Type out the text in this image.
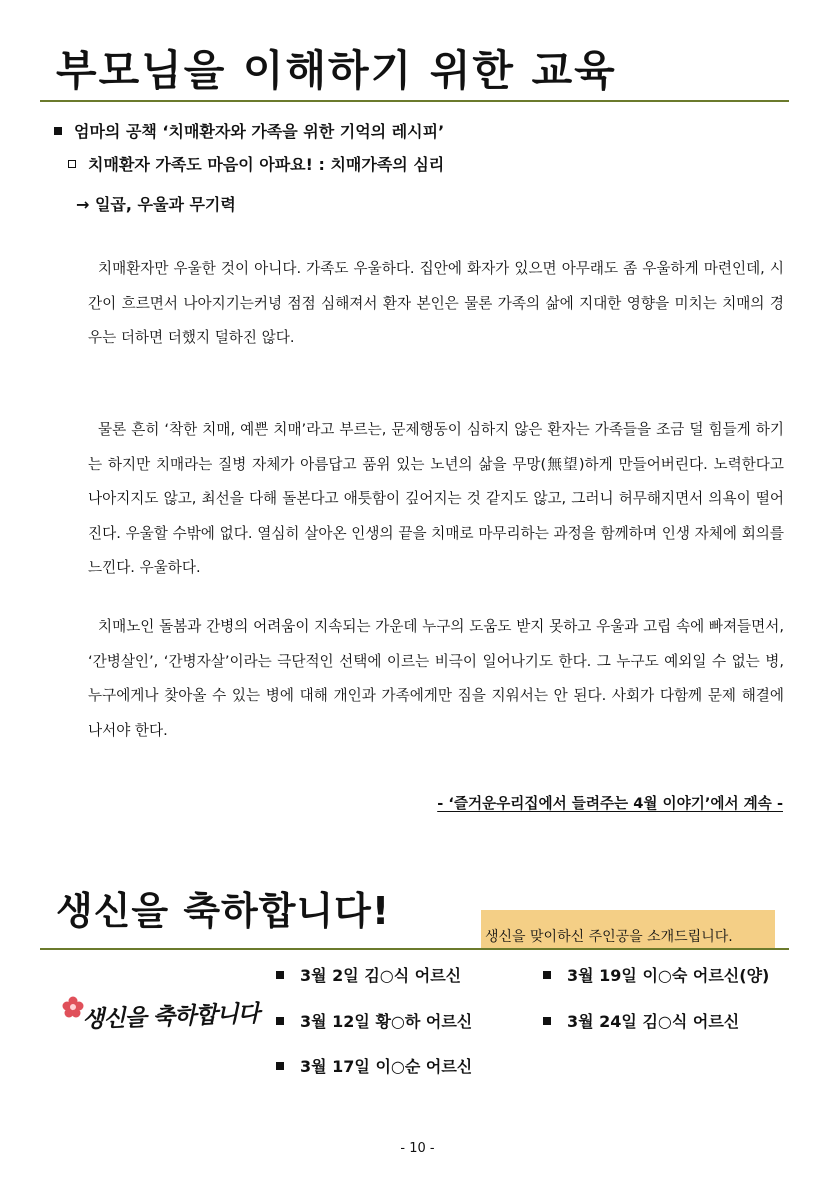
부모님을 이해하기 위한 교육
엄마의 공책 ‘치매환자와 가족을 위한 기억의 레시피’
치매환자 가족도 마음이 아파요! : 치매가족의 심리
→ 일곱, 우울과 무기력

치매환자만 우울한 것이 아니다. 가족도 우울하다. 집안에 화자가 있으면 아무래도 좀 우울하게 마련인데, 시간이 흐르면서 나아지기는커녕 점점 심해져서 환자 본인은 물론 가족의 삶에 지대한 영향을 미치는 치매의 경우는 더하면 더했지 덜하진 않다.

물론 흔히 ‘착한 치매, 예쁜 치매’라고 부르는, 문제행동이 심하지 않은 환자는 가족들을 조금 덜 힘들게 하기는 하지만 치매라는 질병 자체가 아름답고 품위 있는 노년의 삶을 무망(無望)하게 만들어버린다. 노력한다고 나아지지도 않고, 최선을 다해 돌본다고 애틋함이 깊어지는 것 같지도 않고, 그러니 허무해지면서 의욕이 떨어진다. 우울할 수밖에 없다. 열심히 살아온 인생의 끝을 치매로 마무리하는 과정을 함께하며 인생 자체에 회의를 느낀다. 우울하다.

치매노인 돌봄과 간병의 어려움이 지속되는 가운데 누구의 도움도 받지 못하고 우울과 고립 속에 빠져들면서, ‘간병살인’, ‘간병자살’이라는 극단적인 선택에 이르는 비극이 일어나기도 한다. 그 누구도 예외일 수 없는 병, 누구에게나 찾아올 수 있는 병에 대해 개인과 가족에게만 짐을 지워서는 안 된다. 사회가 다함께 문제 해결에 나서야 한다.

- ‘즐거운우리집에서 들려주는 4월 이야기’에서 계속 -
생신을 축하합니다!
생신을 맞이하신 주인공을 소개드립니다.
생신을 축하합니다
3월 2일 김○식 어르신
3월 12일 황○하 어르신
3월 17일 이○순 어르신
3월 19일 이○숙 어르신(양)
3월 24일 김○식 어르신
- 10 -
